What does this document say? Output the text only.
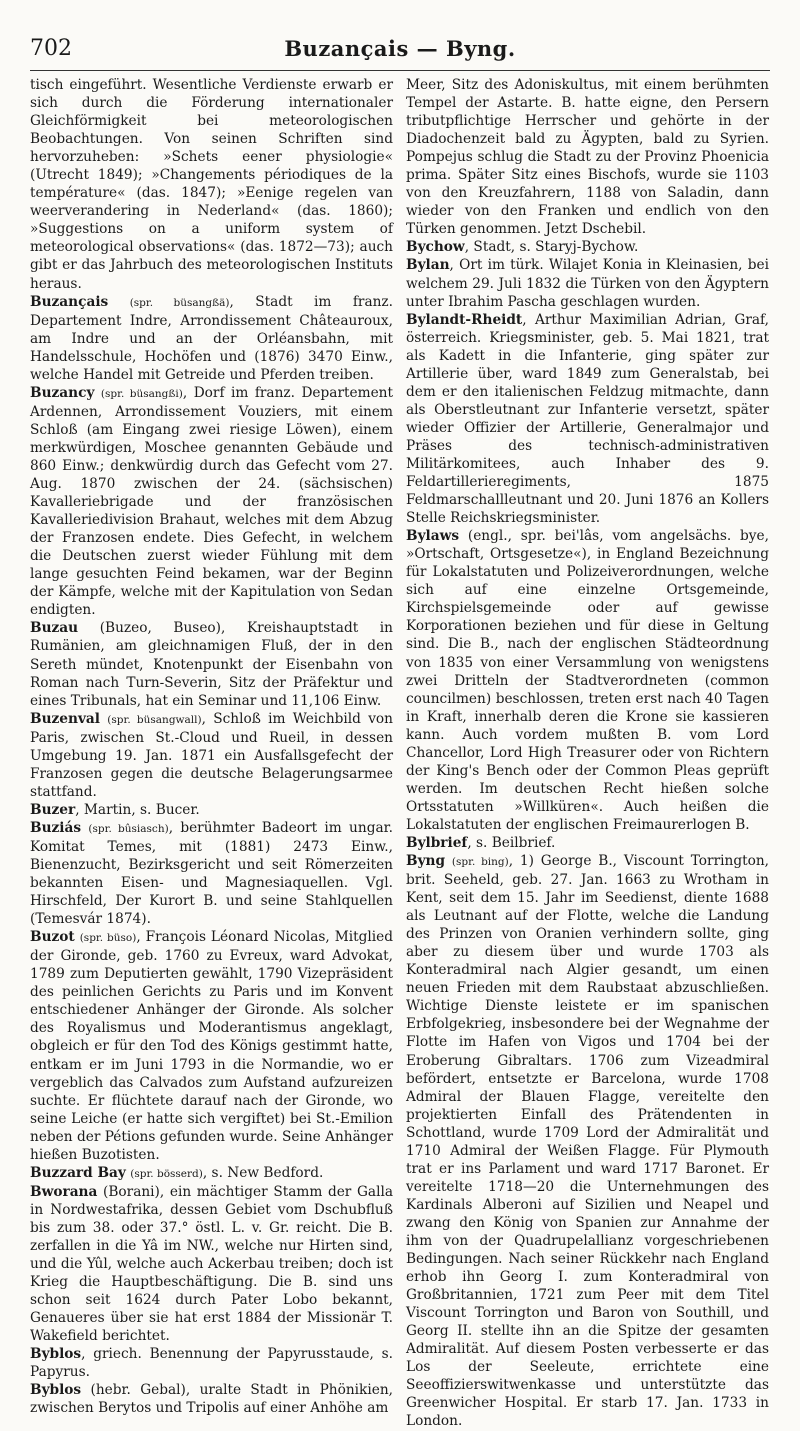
702	Buzançais — Byng.

tisch eingeführt. Wesentliche Verdienste erwarb er sich durch die Förderung internationaler Gleichförmigkeit bei meteorologischen Beobachtungen. Von seinen Schriften sind hervorzuheben: »Schets eener physiologie« (Utrecht 1849); »Changements périodiques de la température« (das. 1847); »Eenige regelen van weerverandering in Nederland« (das. 1860); »Suggestions on a uniform system of meteorological observations« (das. 1872—73); auch gibt er das Jahrbuch des meteorologischen Instituts heraus.

Buzançais (spr. büsangßä), Stadt im franz. Departement Indre, Arrondissement Châteauroux, am Indre und an der Orléansbahn, mit Handelsschule, Hochöfen und (1876) 3470 Einw., welche Handel mit Getreide und Pferden treiben.

Buzancy (spr. büsangßi), Dorf im franz. Departement Ardennen, Arrondissement Vouziers, mit einem Schloß (am Eingang zwei riesige Löwen), einem merkwürdigen, Moschee genannten Gebäude und 860 Einw.; denkwürdig durch das Gefecht vom 27. Aug. 1870 zwischen der 24. (sächsischen) Kavalleriebrigade und der französischen Kavalleriedivision Brahaut, welches mit dem Abzug der Franzosen endete. Dies Gefecht, in welchem die Deutschen zuerst wieder Fühlung mit dem lange gesuchten Feind bekamen, war der Beginn der Kämpfe, welche mit der Kapitulation von Sedan endigten.

Buzau (Buzeo, Buseo), Kreishauptstadt in Rumänien, am gleichnamigen Fluß, der in den Sereth mündet, Knotenpunkt der Eisenbahn von Roman nach Turn-Severin, Sitz der Präfektur und eines Tribunals, hat ein Seminar und 11,106 Einw.

Buzenval (spr. büsangwall), Schloß im Weichbild von Paris, zwischen St.-Cloud und Rueil, in dessen Umgebung 19. Jan. 1871 ein Ausfallsgefecht der Franzosen gegen die deutsche Belagerungsarmee stattfand.

Buzer, Martin, s. Bucer.

Buziás (spr. bûsiasch), berühmter Badeort im ungar. Komitat Temes, mit (1881) 2473 Einw., Bienenzucht, Bezirksgericht und seit Römerzeiten bekannten Eisen- und Magnesiaquellen. Vgl. Hirschfeld, Der Kurort B. und seine Stahlquellen (Temesvár 1874).

Buzot (spr. büso), François Léonard Nicolas, Mitglied der Gironde, geb. 1760 zu Evreux, ward Advokat, 1789 zum Deputierten gewählt, 1790 Vizepräsident des peinlichen Gerichts zu Paris und im Konvent entschiedener Anhänger der Gironde. Als solcher des Royalismus und Moderantismus angeklagt, obgleich er für den Tod des Königs gestimmt hatte, entkam er im Juni 1793 in die Normandie, wo er vergeblich das Calvados zum Aufstand aufzureizen suchte. Er flüchtete darauf nach der Gironde, wo seine Leiche (er hatte sich vergiftet) bei St.-Emilion neben der Pétions gefunden wurde. Seine Anhänger hießen Buzotisten.

Buzzard Bay (spr. bösserd), s. New Bedford.

Bworana (Borani), ein mächtiger Stamm der Galla in Nordwestafrika, dessen Gebiet vom Dschubfluß bis zum 38. oder 37.° östl. L. v. Gr. reicht. Die B. zerfallen in die Yâ im NW., welche nur Hirten sind, und die Yûl, welche auch Ackerbau treiben; doch ist Krieg die Hauptbeschäftigung. Die B. sind uns schon seit 1624 durch Pater Lobo bekannt, Genaueres über sie hat erst 1884 der Missionär T. Wakefield berichtet.

Byblos, griech. Benennung der Papyrusstaude, s. Papyrus.

Byblos (hebr. Gebal), uralte Stadt in Phönikien, zwischen Berytos und Tripolis auf einer Anhöhe am

Meer, Sitz des Adoniskultus, mit einem berühmten Tempel der Astarte. B. hatte eigne, den Persern tributpflichtige Herrscher und gehörte in der Diadochenzeit bald zu Ägypten, bald zu Syrien. Pompejus schlug die Stadt zu der Provinz Phoenicia prima. Später Sitz eines Bischofs, wurde sie 1103 von den Kreuzfahrern, 1188 von Saladin, dann wieder von den Franken und endlich von den Türken genommen. Jetzt Dschebil.

Bychow, Stadt, s. Staryj-Bychow.

Bylan, Ort im türk. Wilajet Konia in Kleinasien, bei welchem 29. Juli 1832 die Türken von den Ägyptern unter Ibrahim Pascha geschlagen wurden.

Bylandt-Rheidt, Arthur Maximilian Adrian, Graf, österreich. Kriegsminister, geb. 5. Mai 1821, trat als Kadett in die Infanterie, ging später zur Artillerie über, ward 1849 zum Generalstab, bei dem er den italienischen Feldzug mitmachte, dann als Oberstleutnant zur Infanterie versetzt, später wieder Offizier der Artillerie, Generalmajor und Präses des technisch-administrativen Militärkomitees, auch Inhaber des 9. Feldartillerieregiments, 1875 Feldmarschallleutnant und 20. Juni 1876 an Kollers Stelle Reichskriegsminister.

Bylaws (engl., spr. bei'lâs, vom angelsächs. bye, »Ortschaft, Ortsgesetze«), in England Bezeichnung für Lokalstatuten und Polizeiverordnungen, welche sich auf eine einzelne Ortsgemeinde, Kirchspielsgemeinde oder auf gewisse Korporationen beziehen und für diese in Geltung sind. Die B., nach der englischen Städteordnung von 1835 von einer Versammlung von wenigstens zwei Dritteln der Stadtverordneten (common councilmen) beschlossen, treten erst nach 40 Tagen in Kraft, innerhalb deren die Krone sie kassieren kann. Auch vordem mußten B. vom Lord Chancellor, Lord High Treasurer oder von Richtern der King's Bench oder der Common Pleas geprüft werden. Im deutschen Recht hießen solche Ortsstatuten »Willküren«. Auch heißen die Lokalstatuten der englischen Freimaurerlogen B.

Bylbrief, s. Beilbrief.

Byng (spr. bing), 1) George B., Viscount Torrington, brit. Seeheld, geb. 27. Jan. 1663 zu Wrotham in Kent, seit dem 15. Jahr im Seedienst, diente 1688 als Leutnant auf der Flotte, welche die Landung des Prinzen von Oranien verhindern sollte, ging aber zu diesem über und wurde 1703 als Konteradmiral nach Algier gesandt, um einen neuen Frieden mit dem Raubstaat abzuschließen. Wichtige Dienste leistete er im spanischen Erbfolgekrieg, insbesondere bei der Wegnahme der Flotte im Hafen von Vigos und 1704 bei der Eroberung Gibraltars. 1706 zum Vizeadmiral befördert, entsetzte er Barcelona, wurde 1708 Admiral der Blauen Flagge, vereitelte den projektierten Einfall des Prätendenten in Schottland, wurde 1709 Lord der Admiralität und 1710 Admiral der Weißen Flagge. Für Plymouth trat er ins Parlament und ward 1717 Baronet. Er vereitelte 1718—20 die Unternehmungen des Kardinals Alberoni auf Sizilien und Neapel und zwang den König von Spanien zur Annahme der ihm von der Quadrupelallianz vorgeschriebenen Bedingungen. Nach seiner Rückkehr nach England erhob ihn Georg I. zum Konteradmiral von Großbritannien, 1721 zum Peer mit dem Titel Viscount Torrington und Baron von Southill, und Georg II. stellte ihn an die Spitze der gesamten Admiralität. Auf diesem Posten verbesserte er das Los der Seeleute, errichtete eine Seeoffizierswitwenkasse und unterstützte das Greenwicher Hospital. Er starb 17. Jan. 1733 in London.
